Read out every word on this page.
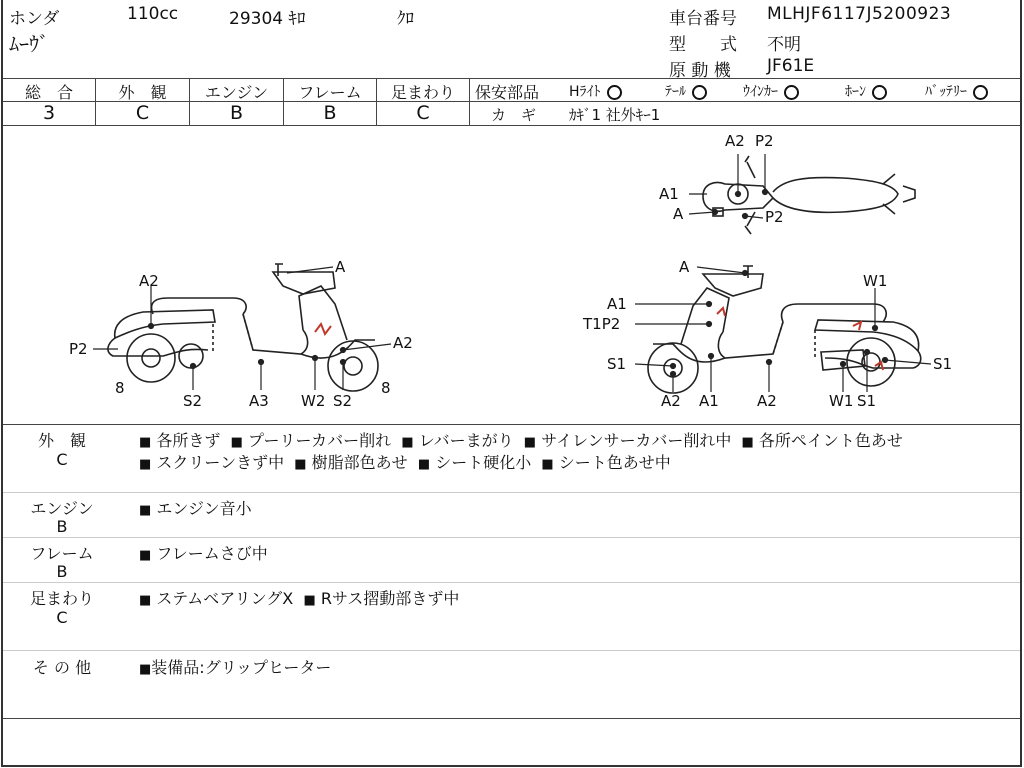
ホンダ	110cc	29304 ｷﾛ	ｸﾛ
ﾑｰｳﾞ
車台番号 MLHJF6117J5200923
型　　式 不明
原 動 機 JF61E
総　合	外　観	エンジン	フレーム	足まわり
3	C	B	B	C
保安部品 Hﾗｲﾄ	ﾃｰﾙ	ｳｲﾝｶｰ	ﾎｰﾝ	ﾊﾞｯﾃﾘｰ
カ　ギ ｶｷﾞ1 社外ｷｰ1
A
A2
P2	A2
8
S2	A3 W2 S2
8
A2 P2
A1
A	P2
A
W1
A1
T1P2
S1	S1
A2 A1	A2	W1 S1
外　観
C
■ 各所きず ■ プーリーカバー削れ ■ レバーまがり ■ サイレンサーカバー削れ中 ■ 各所ペイント色あせ
■ スクリーンきず中 ■ 樹脂部色あせ ■ シート硬化小 ■ シート色あせ中
エンジン
B
■ エンジン音小
フレーム
B
■ フレームさび中
足まわり
C
■ ステムベアリングX ■ Rサス摺動部きず中
そ の 他	■装備品:グリップヒーター
